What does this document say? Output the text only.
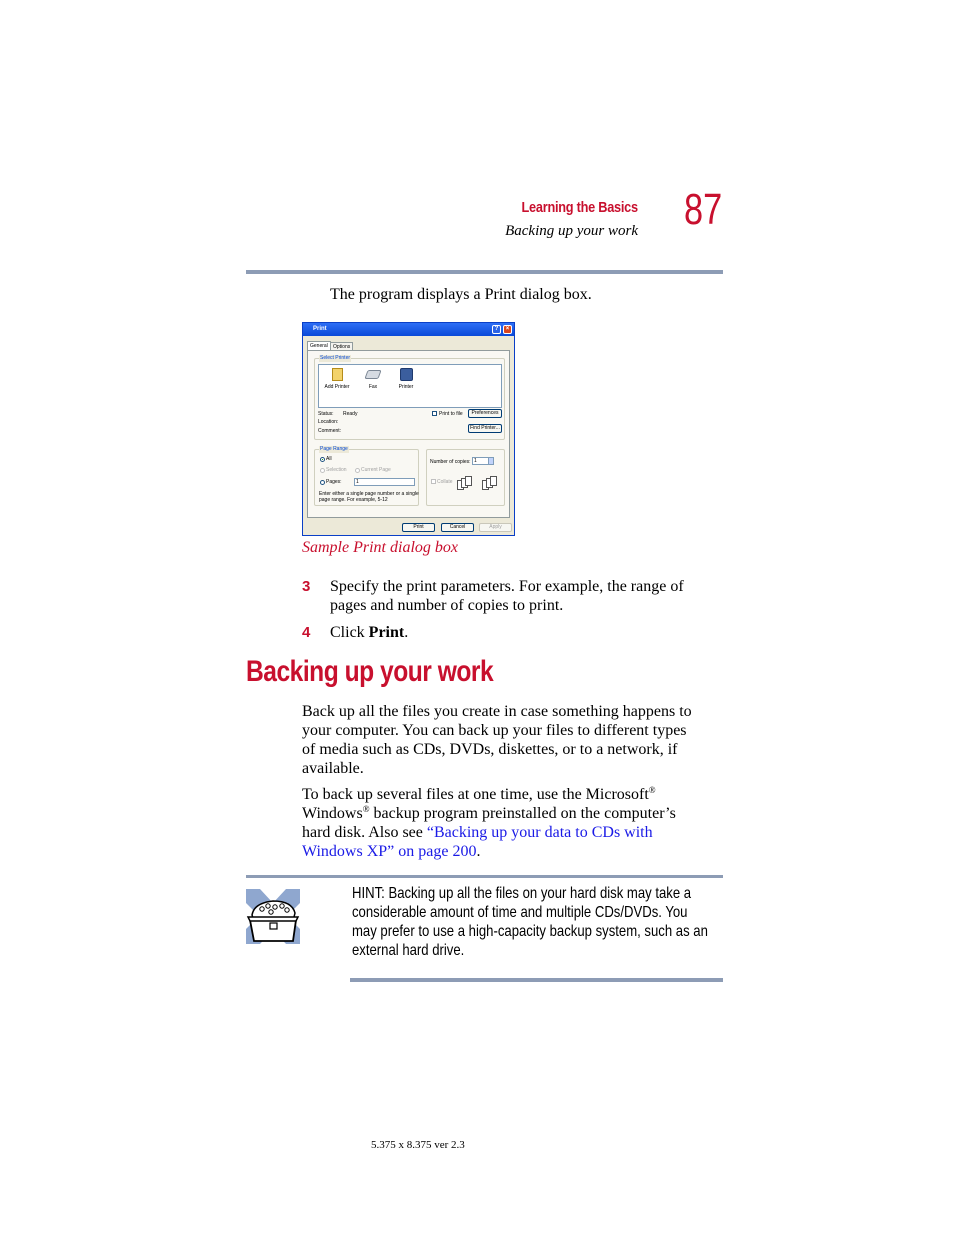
Learning the Basics
Backing up your work 87
The program displays a Print dialog box.
Print	?	×
General	Options
Select Printer
Add Printer	Fax	Printer
Status: Ready
Location:
Comment:
Print to file	Preferences
Find Printer...
Page Range
All
Selection	Current Page
Pages:	1
Enter either a single page number or a single
page range. For example, 5-12
Number of copies: 1
Collate
Print	Cancel	Apply
Sample Print dialog box
3 Specify the print parameters. For example, the range of
pages and number of copies to print.
4 Click Print.
Backing up your work
Back up all the files you create in case something happens to
your computer. You can back up your files to different types
of media such as CDs, DVDs, diskettes, or to a network, if
available.
To back up several files at one time, use the Microsoft®
Windows® backup program preinstalled on the computer’s
hard disk. Also see “Backing up your data to CDs with
Windows XP” on page 200.
HINT: Backing up all the files on your hard disk may take a
considerable amount of time and multiple CDs/DVDs. You
may prefer to use a high-capacity backup system, such as an
external hard drive.
5.375 x 8.375 ver 2.3
